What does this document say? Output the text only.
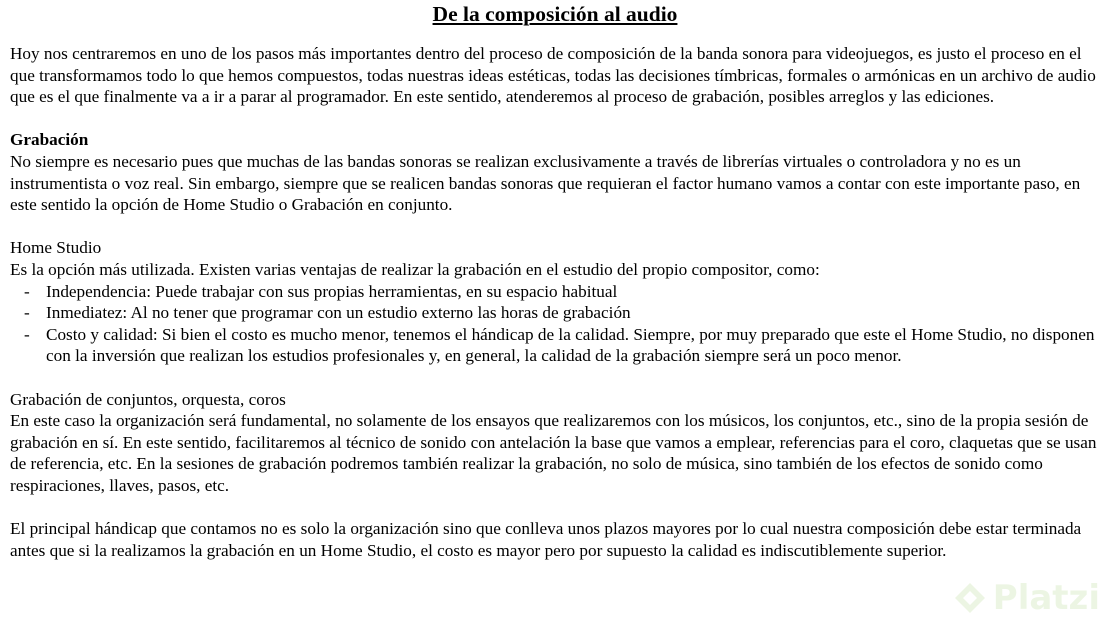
De la composición al audio

Hoy nos centraremos en uno de los pasos más importantes dentro del proceso de composición de la banda sonora para videojuegos, es justo el proceso en el que transformamos todo lo que hemos compuestos, todas nuestras ideas estéticas, todas las decisiones tímbricas, formales o armónicas en un archivo de audio que es el que finalmente va a ir a parar al programador. En este sentido, atenderemos al proceso de grabación, posibles arreglos y las ediciones.

Grabación

No siempre es necesario pues que muchas de las bandas sonoras se realizan exclusivamente a través de librerías virtuales o controladora y no es un instrumentista o voz real. Sin embargo, siempre que se realicen bandas sonoras que requieran el factor humano vamos a contar con este importante paso, en este sentido la opción de Home Studio o Grabación en conjunto.

Home Studio

Es la opción más utilizada. Existen varias ventajas de realizar la grabación en el estudio del propio compositor, como:

- Independencia: Puede trabajar con sus propias herramientas, en su espacio habitual
- Inmediatez: Al no tener que programar con un estudio externo las horas de grabación
- Costo y calidad: Si bien el costo es mucho menor, tenemos el hándicap de la calidad. Siempre, por muy preparado que este el Home Studio, no disponen con la inversión que realizan los estudios profesionales y, en general, la calidad de la grabación siempre será un poco menor.

Grabación de conjuntos, orquesta, coros

En este caso la organización será fundamental, no solamente de los ensayos que realizaremos con los músicos, los conjuntos, etc., sino de la propia sesión de grabación en sí. En este sentido, facilitaremos al técnico de sonido con antelación la base que vamos a emplear, referencias para el coro, claquetas que se usan de referencia, etc. En la sesiones de grabación podremos también realizar la grabación, no solo de música, sino también de los efectos de sonido como respiraciones, llaves, pasos, etc.

El principal hándicap que contamos no es solo la organización sino que conlleva unos plazos mayores por lo cual nuestra composición debe estar terminada antes que si la realizamos la grabación en un Home Studio, el costo es mayor pero por supuesto la calidad es indiscutiblemente superior.

Platzi
